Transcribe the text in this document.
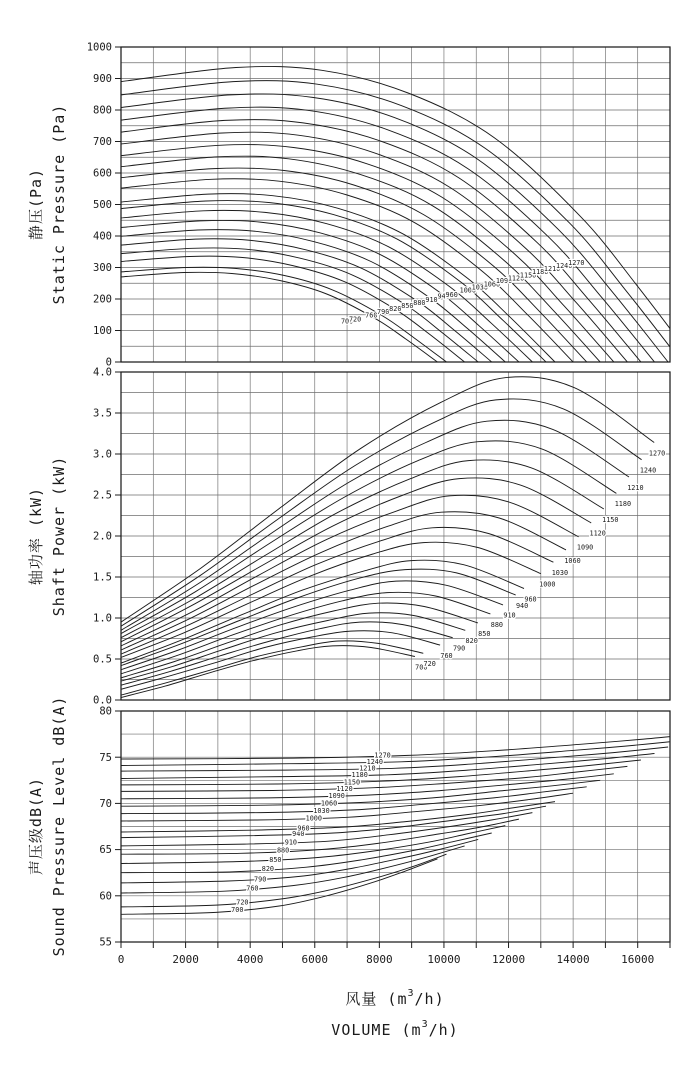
700
720
760 790 820 850 880 910 940
960
1000
1030
1060
1090
1120
1150
1180
1210
1240
1270
0
100
200
300
400
500
600
700
800
900
1000
700
720
760
790
820
850
880
910
940
960
1000
1030
1060
1090
1120
1150
1180
1210
1240
1270
0.0
0.5
1.0
1.5
2.0
2.5
3.0
3.5
4.0
700
720
760
790
820
850
880
910
940
960
1000
1030
1060
1090
1120
1150
1180
1210
1240
1270
55
60
65
70
75
80
0	2000	4000	6000	8000	10000	12000	14000	16000
静压(Pa) Static Pressure (Pa)
轴功率 (kW) Shaft Power (kW)
声压级dB(A) Sound Pressure Level dB(A)
风量 $(m^3/h)$
VOLUME $(m^3/h)$
